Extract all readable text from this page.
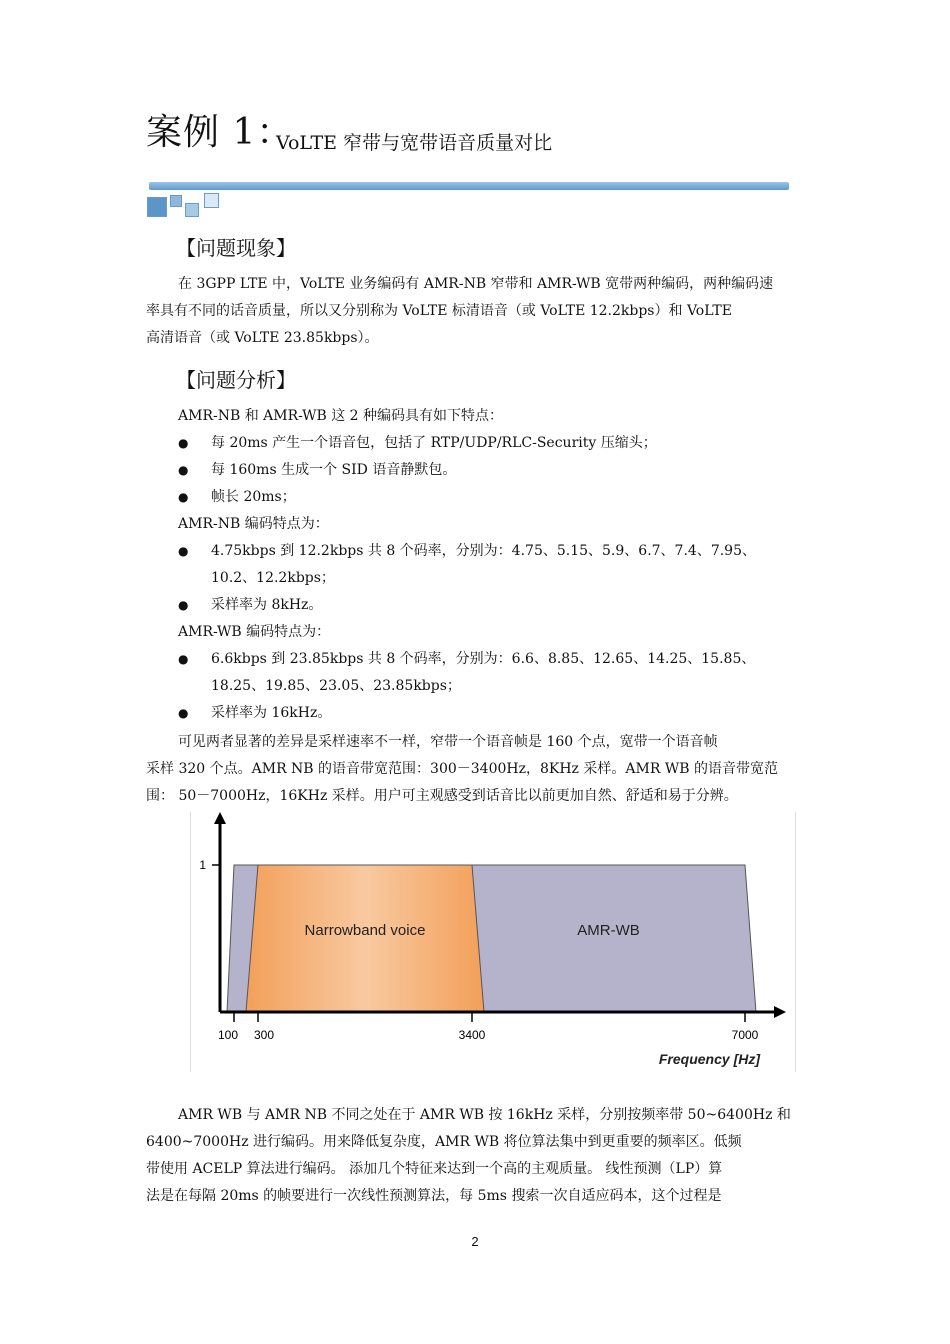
案例 1：
VoLTE 窄带与宽带语音质量对比
【问题现象】
在 3GPP LTE 中，VoLTE 业务编码有 AMR-NB 窄带和 AMR-WB 宽带两种编码，两种编码速
率具有不同的话音质量，所以又分别称为 VoLTE 标清语音（或 VoLTE 12.2kbps）和 VoLTE
高清语音（或 VoLTE 23.85kbps）。
【问题分析】
AMR-NB 和 AMR-WB 这 2 种编码具有如下特点：
● 每 20ms 产生一个语音包，包括了 RTP/UDP/RLC-Security 压缩头；
● 每 160ms 生成一个 SID 语音静默包。
● 帧长 20ms；
AMR-NB 编码特点为：
● 4.75kbps 到 12.2kbps 共 8 个码率，分别为：4.75、5.15、5.9、6.7、7.4、7.95、
10.2、12.2kbps；
● 采样率为 8kHz。
AMR-WB 编码特点为：
● 6.6kbps 到 23.85kbps 共 8 个码率，分别为：6.6、8.85、12.65、14.25、15.85、
18.25、19.85、23.05、23.85kbps；
● 采样率为 16kHz。
可见两者显著的差异是采样速率不一样，窄带一个语音帧是 160 个点，宽带一个语音帧
采样 320 个点。AMR NB 的语音带宽范围：300－3400Hz，8KHz 采样。AMR WB 的语音带宽范
围： 50－7000Hz，16KHz 采样。用户可主观感受到话音比以前更加自然、舒适和易于分辨。
AMR-WB
Narrowband voice
1
100 300	3400	7000
Frequency [Hz]
AMR WB 与 AMR NB 不同之处在于 AMR WB 按 16kHz 采样，分别按频率带 50~6400Hz 和
6400~7000Hz 进行编码。用来降低复杂度，AMR WB 将位算法集中到更重要的频率区。低频
带使用 ACELP 算法进行编码。 添加几个特征来达到一个高的主观质量。 线性预测（LP）算
法是在每隔 20ms 的帧要进行一次线性预测算法，每 5ms 搜索一次自适应码本，这个过程是
2
